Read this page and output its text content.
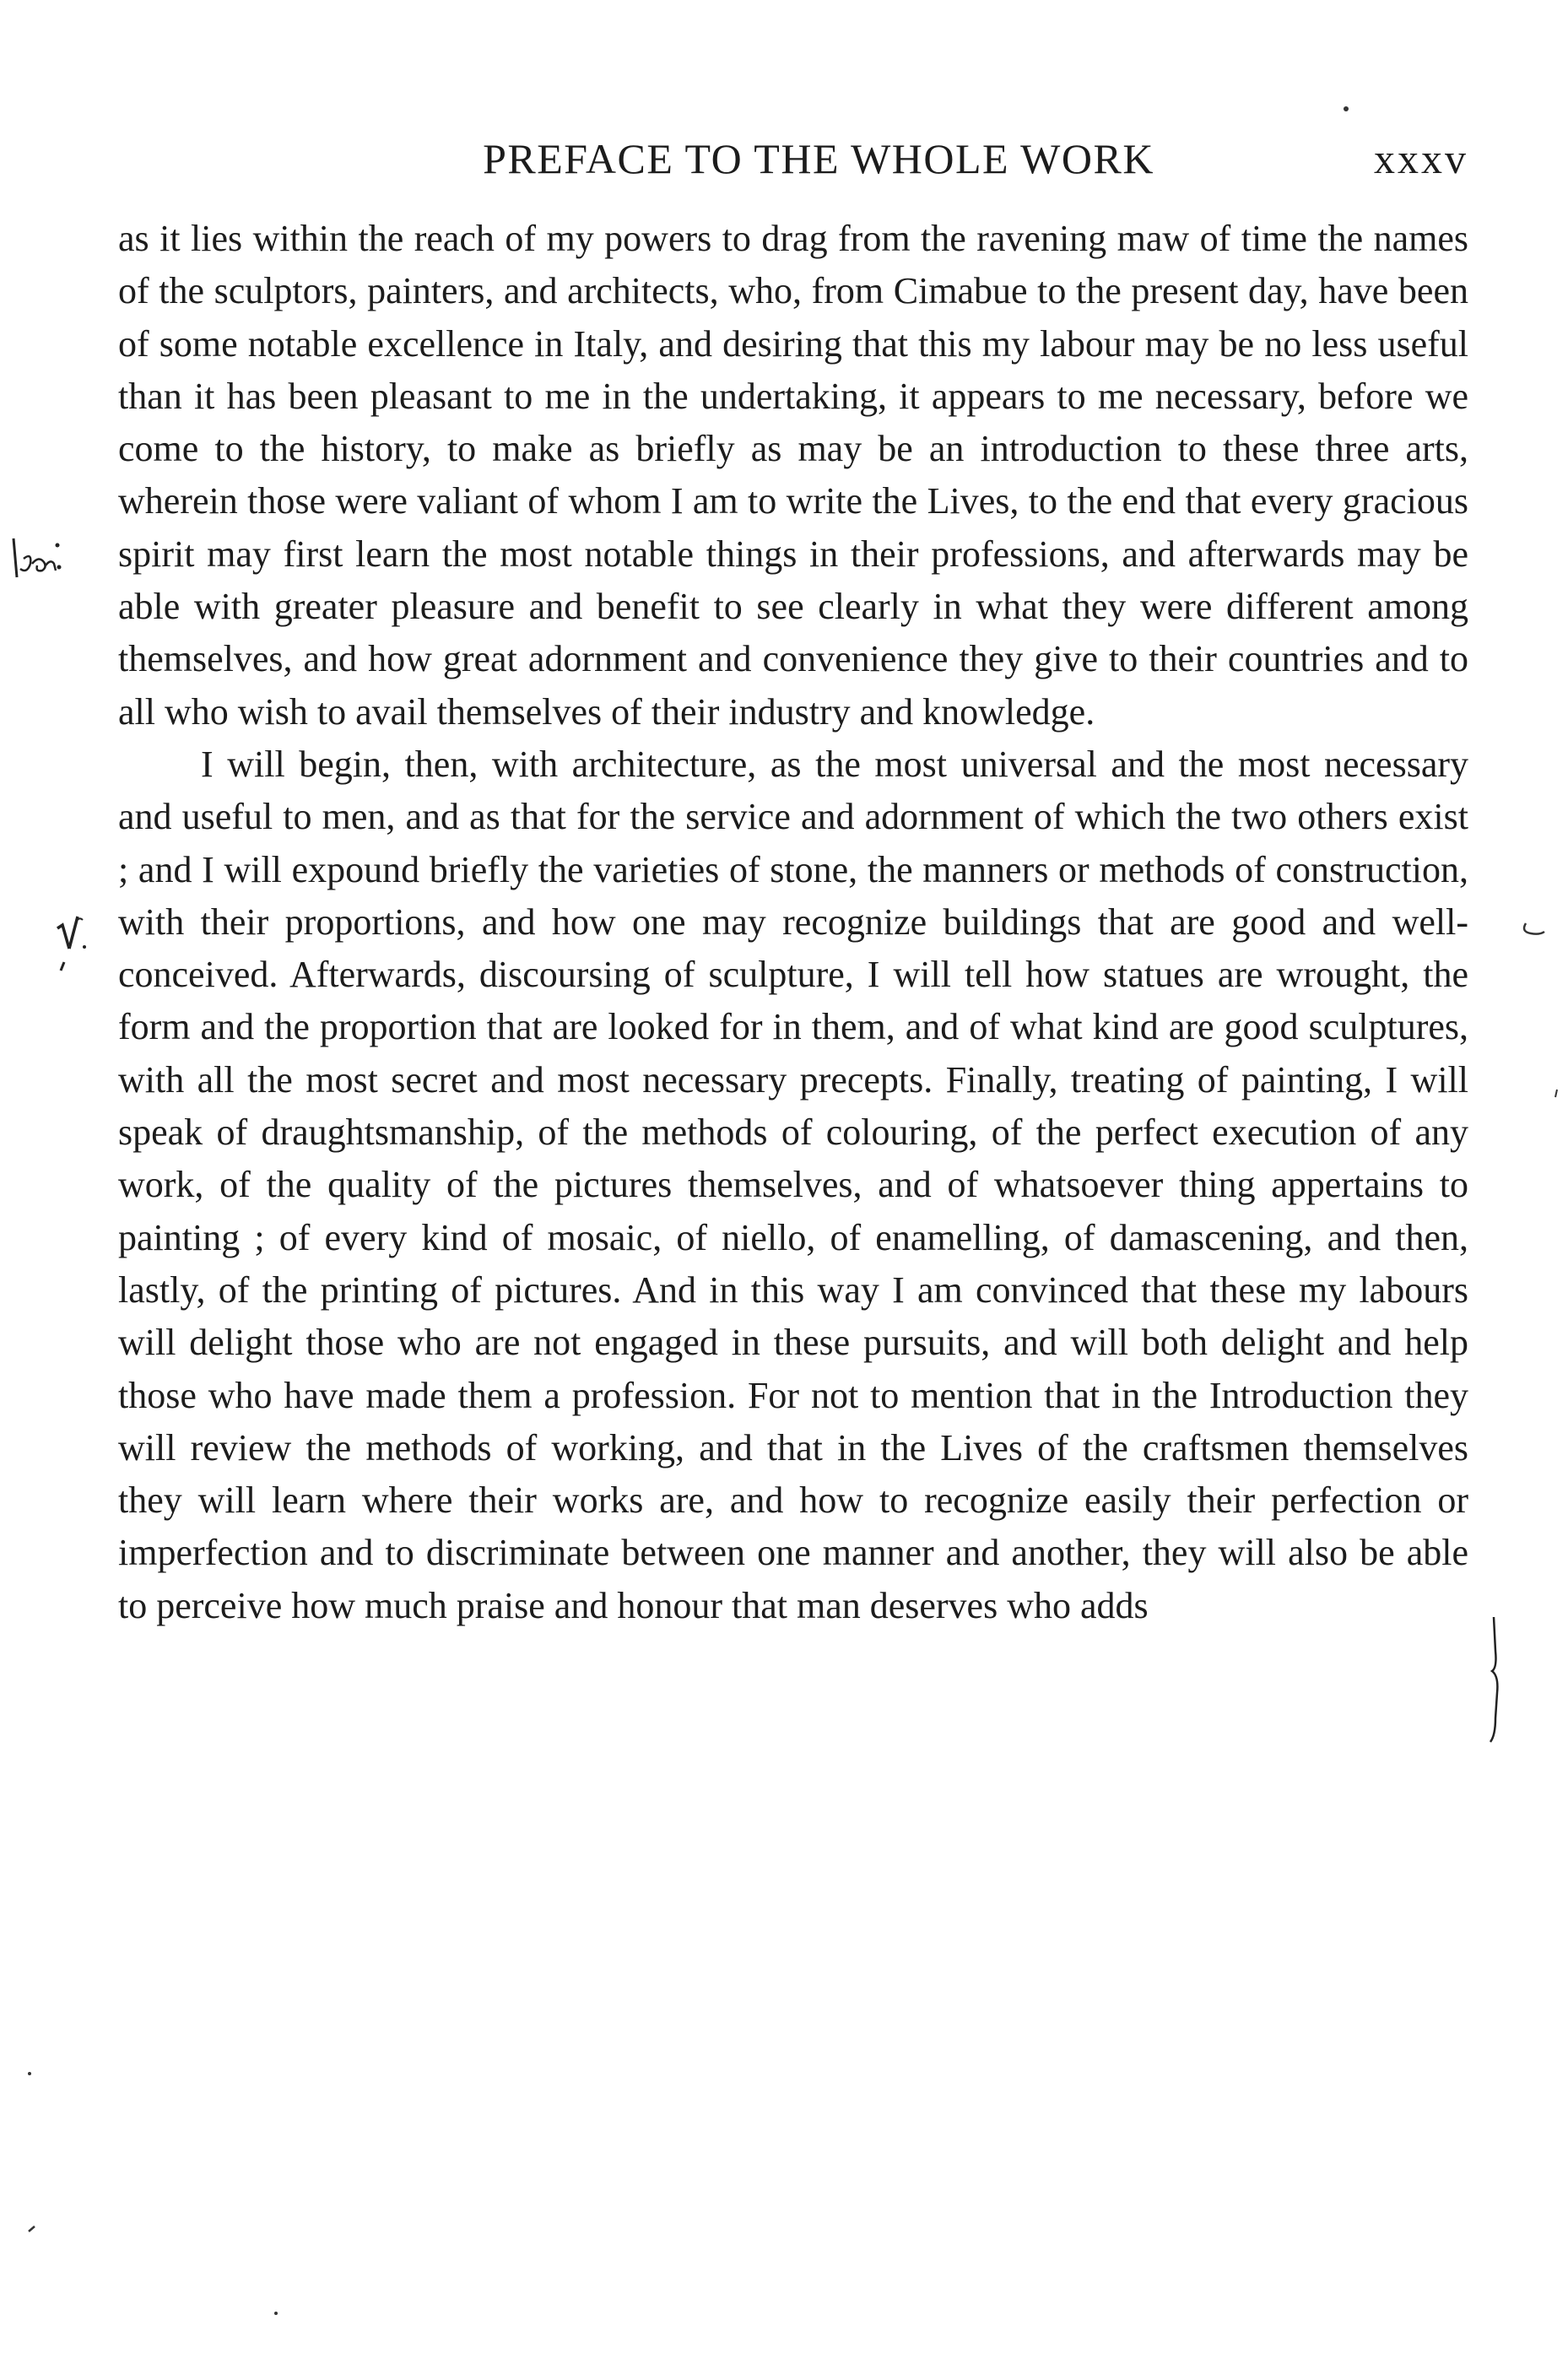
PREFACE TO THE WHOLE WORK	xxxv

as it lies within the reach of my powers to drag from the ravening maw of time the names of the sculptors, painters, and architects, who, from Cimabue to the present day, have been of some notable excellence in Italy, and desiring that this my labour may be no less useful than it has been pleasant to me in the undertaking, it appears to me necessary, before we come to the history, to make as briefly as may be an introduction to these three arts, wherein those were valiant of whom I am to write the Lives, to the end that every gracious spirit may first learn the most notable things in their professions, and afterwards may be able with greater pleasure and benefit to see clearly in what they were different among themselves, and how great adornment and convenience they give to their countries and to all who wish to avail themselves of their industry and knowledge.

I will begin, then, with architecture, as the most universal and the most necessary and useful to men, and as that for the service and adornment of which the two others exist ; and I will expound briefly the varieties of stone, the manners or methods of construction, with their proportions, and how one may recognize buildings that are good and well-conceived. Afterwards, discoursing of sculpture, I will tell how statues are wrought, the form and the proportion that are looked for in them, and of what kind are good sculptures, with all the most secret and most necessary precepts. Finally, treating of painting, I will speak of draughtsmanship, of the methods of colouring, of the perfect execution of any work, of the quality of the pictures themselves, and of whatsoever thing appertains to painting ; of every kind of mosaic, of niello, of enamelling, of damascening, and then, lastly, of the printing of pictures. And in this way I am convinced that these my labours will delight those who are not engaged in these pursuits, and will both delight and help those who have made them a profession. For not to mention that in the Introduction they will review the methods of working, and that in the Lives of the craftsmen themselves they will learn where their works are, and how to recognize easily their perfection or imperfection and to discriminate between one manner and another, they will also be able to perceive how much praise and honour that man deserves who adds
